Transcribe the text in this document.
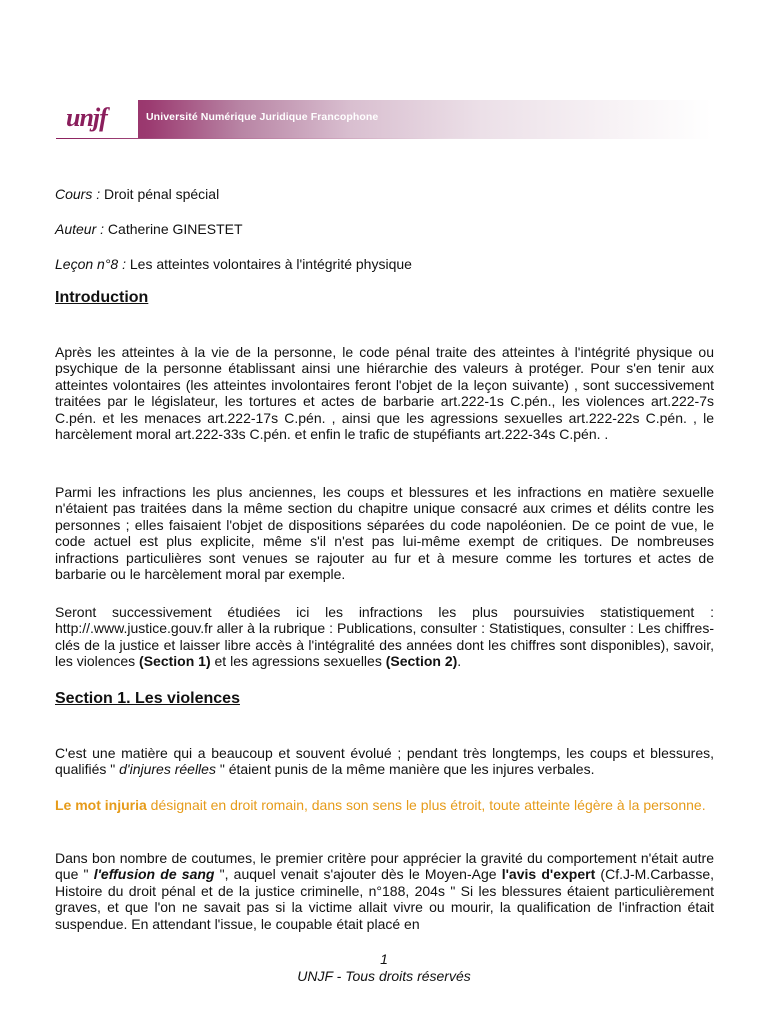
unjf	Université Numérique Juridique Francophone
Cours : Droit pénal spécial
Auteur : Catherine GINESTET
Leçon n°8 : Les atteintes volontaires à l'intégrité physique
Introduction

Après les atteintes à la vie de la personne, le code pénal traite des atteintes à l'intégrité physique ou psychique de la personne établissant ainsi une hiérarchie des valeurs à protéger. Pour s'en tenir aux atteintes volontaires (les atteintes involontaires feront l'objet de la leçon suivante) , sont successivement traitées par le législateur, les tortures et actes de barbarie art.222-1s C.pén., les violences art.222-7s C.pén. et les menaces art.222-17s C.pén. , ainsi que les agressions sexuelles art.222-22s C.pén. , le harcèlement moral art.222-33s C.pén. et enfin le trafic de stupéfiants art.222-34s C.pén. .

Parmi les infractions les plus anciennes, les coups et blessures et les infractions en matière sexuelle n'étaient pas traitées dans la même section du chapitre unique consacré aux crimes et délits contre les personnes ; elles faisaient l'objet de dispositions séparées du code napoléonien. De ce point de vue, le code actuel est plus explicite, même s'il n'est pas lui-même exempt de critiques. De nombreuses infractions particulières sont venues se rajouter au fur et à mesure comme les tortures et actes de barbarie ou le harcèlement moral par exemple.

Seront successivement étudiées ici les infractions les plus poursuivies statistiquement : http://.www.justice.gouv.fr aller à la rubrique : Publications, consulter : Statistiques, consulter : Les chiffres-clés de la justice et laisser libre accès à l'intégralité des années dont les chiffres sont disponibles), savoir, les violences (Section 1) et les agressions sexuelles (Section 2).

Section 1. Les violences

C'est une matière qui a beaucoup et souvent évolué ; pendant très longtemps, les coups et blessures, qualifiés " d'injures réelles " étaient punis de la même manière que les injures verbales.

Le mot injuria désignait en droit romain, dans son sens le plus étroit, toute atteinte légère à la personne.

Dans bon nombre de coutumes, le premier critère pour apprécier la gravité du comportement n'était autre que " l'effusion de sang ", auquel venait s'ajouter dès le Moyen-Age l'avis d'expert (Cf.J-M.Carbasse, Histoire du droit pénal et de la justice criminelle, n°188, 204s " Si les blessures étaient particulièrement graves, et que l'on ne savait pas si la victime allait vivre ou mourir, la qualification de l'infraction était suspendue. En attendant l'issue, le coupable était placé en

1
UNJF - Tous droits réservés
